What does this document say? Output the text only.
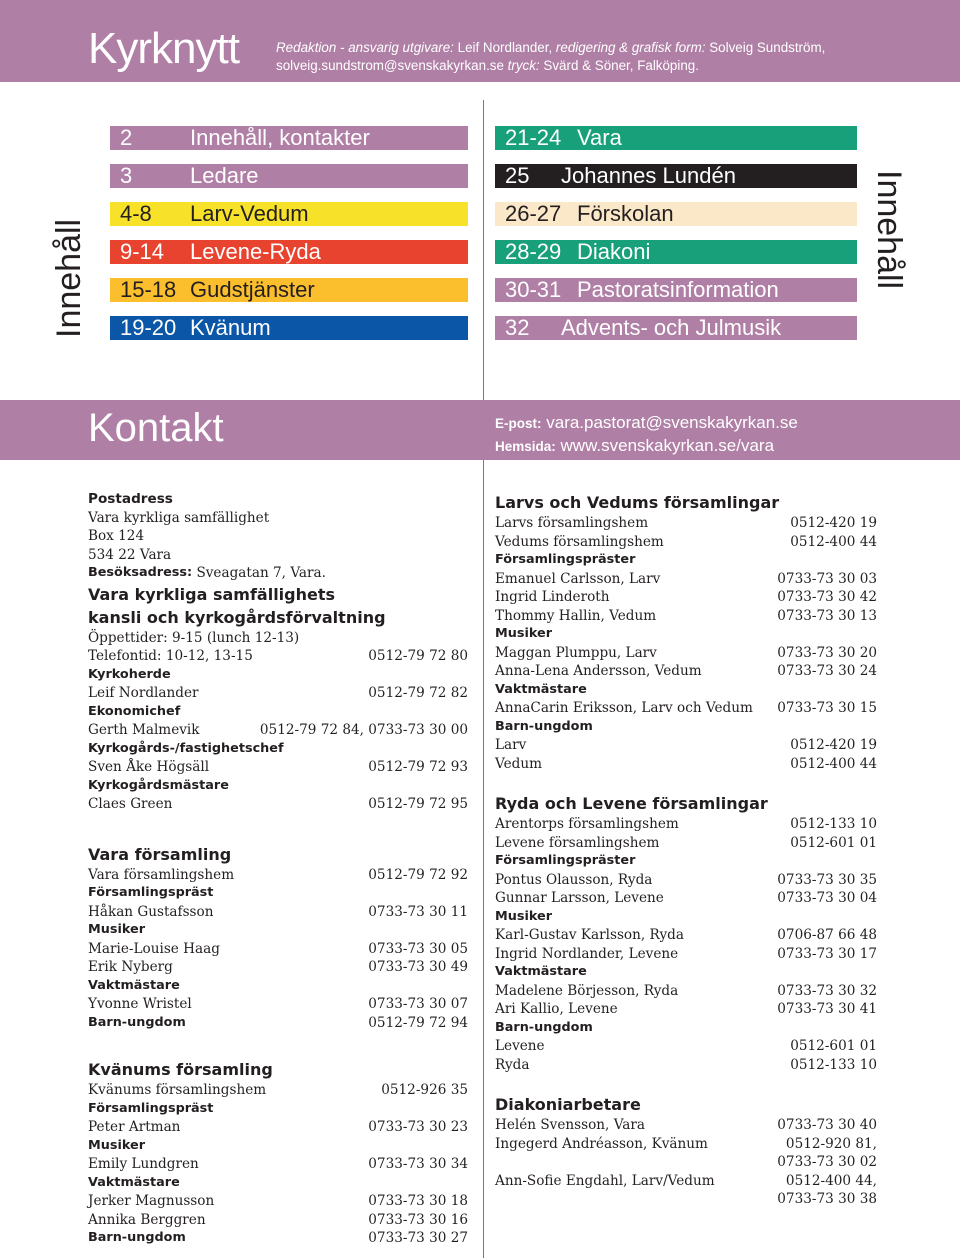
Kyrknytt	Redaktion - ansvarig utgivare: Leif Nordlander, redigering & grafisk form: Solveig Sundström,
solveig.sundstrom@svenskakyrkan.se tryck: Svärd & Söner, Falköping.
Innehåll	Innehåll
2	Innehåll, kontakter
3	Ledare
4-8	Larv-Vedum
9-14	Levene-Ryda
15-18 Gudstjänster
19-20 Kvänum
21-24 Vara
25	Johannes Lundén
26-27 Förskolan
28-29 Diakoni
30-31 Pastoratsinformation
32	Advents- och Julmusik
Kontakt	E-post: vara.pastorat@svenskakyrkan.se
Hemsida: www.svenskakyrkan.se/vara
Postadress
Vara kyrkliga samfällighet
Box 124
534 22 Vara
Besöksadress:
Sveagatan 7, Vara.
Vara kyrkliga samfällighets
kansli och kyrkogårdsförvaltning
Öppettider: 9-15 (lunch 12-13)
Telefontid: 10-12, 13-15	0512-79 72 80
Kyrkoherde
Leif Nordlander	0512-79 72 82
Ekonomichef
Gerth Malmevik	0512-79 72 84, 0733-73 30 00
Kyrkogårds-/fastighetschef
Sven Åke Högsäll	0512-79 72 93
Kyrkogårdsmästare
Claes Green	0512-79 72 95
Vara församling
Vara församlingshem	0512-79 72 92
Församlingspräst
Håkan Gustafsson	0733-73 30 11
Musiker
Marie-Louise Haag	0733-73 30 05
Erik Nyberg	0733-73 30 49
Vaktmästare
Yvonne Wristel	0733-73 30 07
Barn-ungdom	0512-79 72 94
Kvänums församling
Kvänums församlingshem	0512-926 35
Församlingspräst
Peter Artman	0733-73 30 23
Musiker
Emily Lundgren	0733-73 30 34
Vaktmästare
Jerker Magnusson	0733-73 30 18
Annika Berggren	0733-73 30 16
Barn-ungdom	0733-73 30 27
Larvs och Vedums församlingar
Larvs församlingshem	0512-420 19
Vedums församlingshem	0512-400 44
Församlingspräster
Emanuel Carlsson, Larv	0733-73 30 03
Ingrid Linderoth	0733-73 30 42
Thommy Hallin, Vedum	0733-73 30 13
Musiker
Maggan Plumppu, Larv	0733-73 30 20
Anna-Lena Andersson, Vedum	0733-73 30 24
Vaktmästare
AnnaCarin Eriksson, Larv och Vedum 0733-73 30 15
Barn-ungdom
Larv	0512-420 19
Vedum	0512-400 44
Ryda och Levene församlingar
Arentorps församlingshem	0512-133 10
Levene församlingshem	0512-601 01
Församlingspräster
Pontus Olausson, Ryda	0733-73 30 35
Gunnar Larsson, Levene	0733-73 30 04
Musiker
Karl-Gustav Karlsson, Ryda	0706-87 66 48
Ingrid Nordlander, Levene	0733-73 30 17
Vaktmästare
Madelene Börjesson, Ryda	0733-73 30 32
Ari Kallio, Levene	0733-73 30 41
Barn-ungdom
Levene	0512-601 01
Ryda	0512-133 10
Diakoniarbetare
Helén Svensson, Vara	0733-73 30 40
Ingegerd Andréasson, Kvänum	0512-920 81,
0733-73 30 02
Ann-Sofie Engdahl, Larv/Vedum	0512-400 44,
0733-73 30 38
